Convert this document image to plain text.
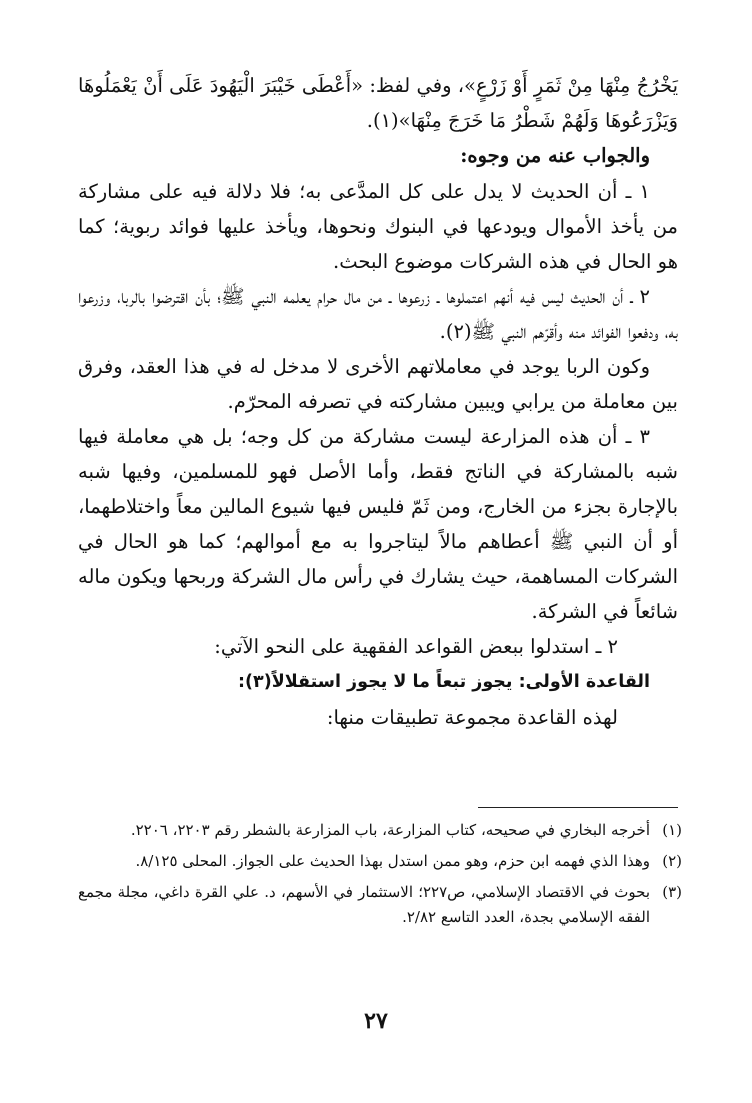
يَخْرُجُ مِنْهَا مِنْ ثَمَرٍ أَوْ زَرْعٍ»، وفي لفظ: «أَعْطَى خَيْبَرَ الْيَهُودَ عَلَى أَنْ يَعْمَلُوهَا وَيَزْرَعُوهَا وَلَهُمْ شَطْرُ مَا خَرَجَ مِنْهَا»(١).

والجواب عنه من وجوه:

١ ـ أن الحديث لا يدل على كل المدَّعى به؛ فلا دلالة فيه على مشاركة من يأخذ الأموال ويودعها في البنوك ونحوها، ويأخذ عليها فوائد ربوية؛ كما هو الحال في هذه الشركات موضوع البحث.

٢ ـ أن الحديث ليس فيه أنهم اعتملوها ـ زرعوها ـ من مال حرام يعلمه النبي ﷺ؛ بأن اقترضوا بالربا، وزرعوا به، ودفعوا الفوائد منه وأقرّهم النبي ﷺ(٢).

وكون الربا يوجد في معاملاتهم الأخرى لا مدخل له في هذا العقد، وفرق بين معاملة من يرابي ويبين مشاركته في تصرفه المحرّم.

٣ ـ أن هذه المزارعة ليست مشاركة من كل وجه؛ بل هي معاملة فيها شبه بالمشاركة في الناتج فقط، وأما الأصل فهو للمسلمين، وفيها شبه بالإجارة بجزء من الخارج، ومن ثَمّ فليس فيها شيوع المالين معاً واختلاطهما، أو أن النبي ﷺ أعطاهم مالاً ليتاجروا به مع أموالهم؛ كما هو الحال في الشركات المساهمة، حيث يشارك في رأس مال الشركة وربحها ويكون ماله شائعاً في الشركة.

٢ ـ استدلوا ببعض القواعد الفقهية على النحو الآتي:

القاعدة الأولى: يجوز تبعاً ما لا يجوز استقلالاً(٣):

لهذه القاعدة مجموعة تطبيقات منها:

(١)
أخرجه البخاري في صحيحه، كتاب المزارعة، باب المزارعة بالشطر رقم ٢٢٠٣، ٢٢٠٦.
(٢)
وهذا الذي فهمه ابن حزم، وهو ممن استدل بهذا الحديث على الجواز. المحلى ٨/١٢٥.
(٣)
بحوث في الاقتصاد الإسلامي، ص٢٢٧؛ الاستثمار في الأسهم، د. علي القرة داغي، مجلة مجمع الفقه الإسلامي بجدة، العدد التاسع ٢/٨٢.
٢٧
